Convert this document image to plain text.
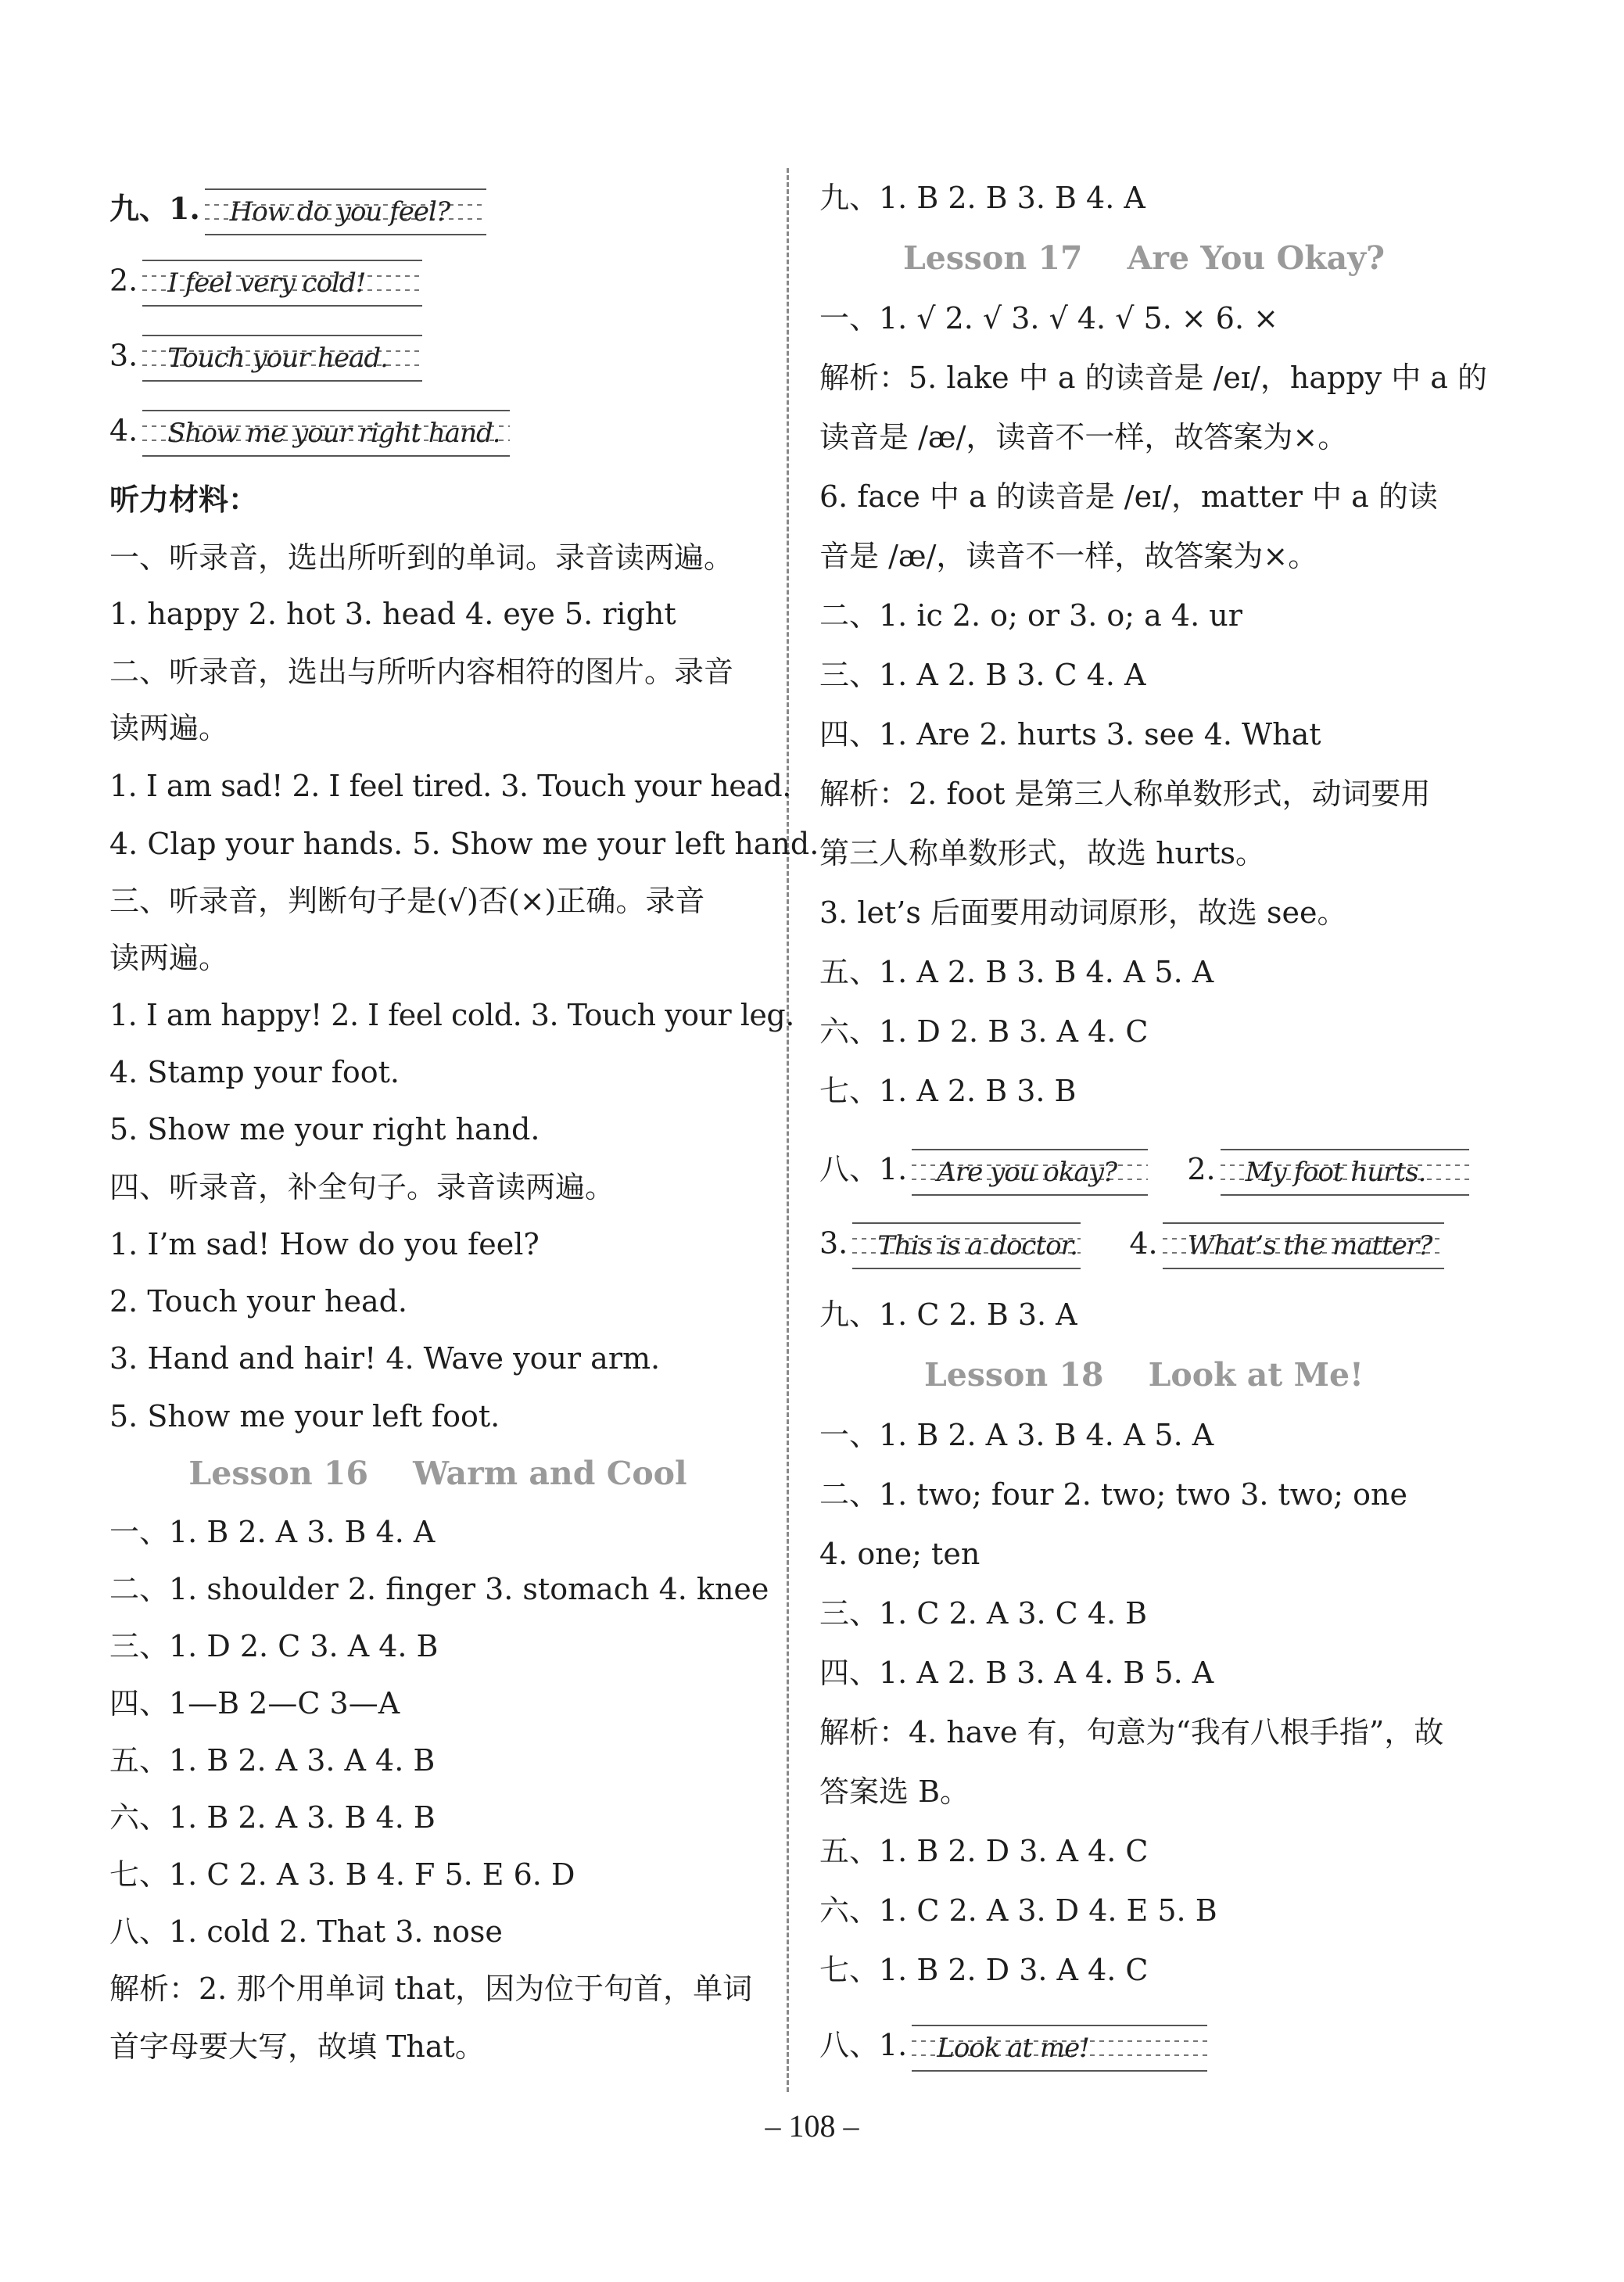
九、1. How do you feel?
2. I feel very cold!
3. Touch your head.
4. Show me your right hand.
听力材料：
一、听录音，选出所听到的单词。录音读两遍。
1. happy 2. hot 3. head 4. eye 5. right
二、听录音，选出与所听内容相符的图片。录音
读两遍。
1. I am sad! 2. I feel tired. 3. Touch your head.
4. Clap your hands. 5. Show me your left hand.
三、听录音，判断句子是(√)否(×)正确。录音
读两遍。
1. I am happy! 2. I feel cold. 3. Touch your leg.
4. Stamp your foot.
5. Show me your right hand.
四、听录音，补全句子。录音读两遍。
1. I’m sad! How do you feel?
2. Touch your head.
3. Hand and hair! 4. Wave your arm.
5. Show me your left foot.
Lesson 16    Warm and Cool
一、1. B 2. A 3. B 4. A
二、1. shoulder 2. finger 3. stomach 4. knee
三、1. D 2. C 3. A 4. B
四、1—B 2—C 3—A
五、1. B 2. A 3. A 4. B
六、1. B 2. A 3. B 4. B
七、1. C 2. A 3. B 4. F 5. E 6. D
八、1. cold 2. That 3. nose
解析：2. 那个用单词 that，因为位于句首，单词
首字母要大写，故填 That。
九、1. B 2. B 3. B 4. A
Lesson 17    Are You Okay?
一、1. √ 2. √ 3. √ 4. √ 5. × 6. ×
解析：5. lake 中 a 的读音是 /eɪ/，happy 中 a 的
读音是 /æ/，读音不一样，故答案为×。
6. face 中 a 的读音是 /eɪ/，matter 中 a 的读
音是 /æ/，读音不一样，故答案为×。
二、1. ic 2. o; or 3. o; a 4. ur
三、1. A 2. B 3. C 4. A
四、1. Are 2. hurts 3. see 4. What
解析：2. foot 是第三人称单数形式，动词要用
第三人称单数形式，故选 hurts。
3. let’s 后面要用动词原形，故选 see。
五、1. A 2. B 3. B 4. A 5. A
六、1. D 2. B 3. A 4. C
七、1. A 2. B 3. B
八、1. Are you okay? 2. My foot hurts.
3. This is a doctor. 4. What’s the matter?
九、1. C 2. B 3. A
Lesson 18    Look at Me!
一、1. B 2. A 3. B 4. A 5. A
二、1. two; four 2. two; two 3. two; one
4. one; ten
三、1. C 2. A 3. C 4. B
四、1. A 2. B 3. A 4. B 5. A
解析：4. have 有，句意为“我有八根手指”，故
答案选 B。
五、1. B 2. D 3. A 4. C
六、1. C 2. A 3. D 4. E 5. B
七、1. B 2. D 3. A 4. C
八、1. Look at me!
– 108 –
